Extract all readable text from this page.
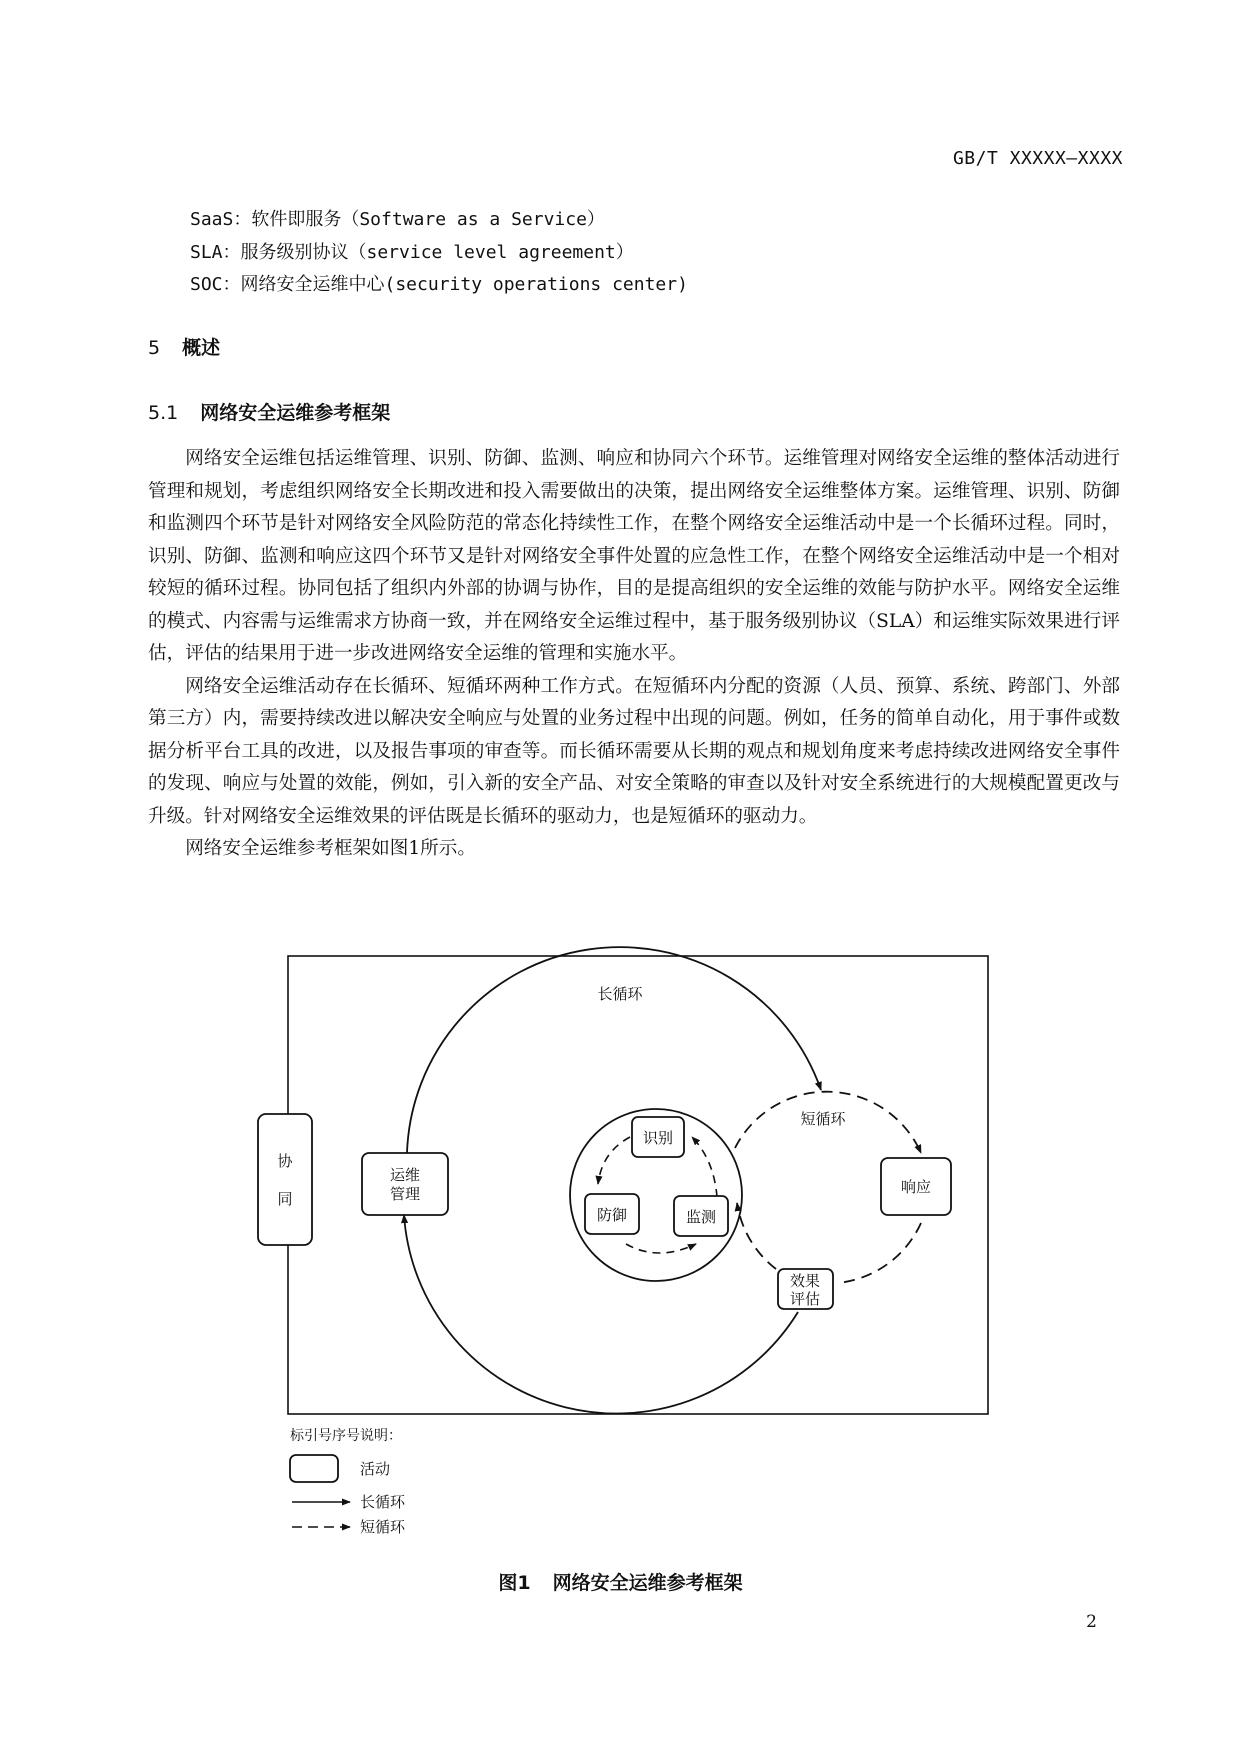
GB/T XXXXX—XXXX
SaaS：软件即服务（Software as a Service）
SLA：服务级别协议（service level agreement）
SOC：网络安全运维中心(security operations center)
5 概述
5.1 网络安全运维参考框架

网络安全运维包括运维管理、识别、防御、监测、响应和协同六个环节。运维管理对网络安全运维的整体活动进行管理和规划，考虑组织网络安全长期改进和投入需要做出的决策，提出网络安全运维整体方案。运维管理、识别、防御和监测四个环节是针对网络安全风险防范的常态化持续性工作，在整个网络安全运维活动中是一个长循环过程。同时，识别、防御、监测和响应这四个环节又是针对网络安全事件处置的应急性工作，在整个网络安全运维活动中是一个相对较短的循环过程。协同包括了组织内外部的协调与协作，目的是提高组织的安全运维的效能与防护水平。网络安全运维的模式、内容需与运维需求方协商一致，并在网络安全运维过程中，基于服务级别协议（SLA）和运维实际效果进行评估，评估的结果用于进一步改进网络安全运维的管理和实施水平。

网络安全运维活动存在长循环、短循环两种工作方式。在短循环内分配的资源（人员、预算、系统、跨部门、外部第三方）内，需要持续改进以解决安全响应与处置的业务过程中出现的问题。例如，任务的简单自动化，用于事件或数据分析平台工具的改进，以及报告事项的审查等。而长循环需要从长期的观点和规划角度来考虑持续改进网络安全事件的发现、响应与处置的效能，例如，引入新的安全产品、对安全策略的审查以及针对安全系统进行的大规模配置更改与升级。针对网络安全运维效果的评估既是长循环的驱动力，也是短循环的驱动力。

网络安全运维参考框架如图1所示。

长循环
短循环
协
同
运维
管理
识别
防御	监测
响应
效果
评估
标引号序号说明：
活动
长循环
短循环
图1 网络安全运维参考框架
2
